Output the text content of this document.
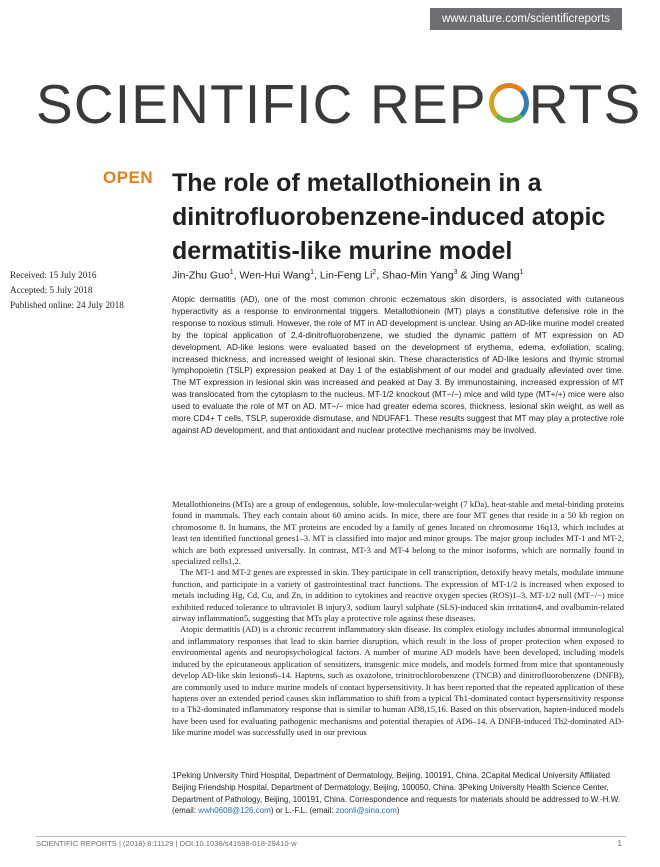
www.nature.com/scientificreports
SCIENTIFIC REP RTS
OPEN The role of metallothionein in a dinitrofluorobenzene-induced atopic dermatitis-like murine model
Jin-Zhu Guo$^1$, Wen-Hui Wang$^1$, Lin-Feng Li$^2$, Shao-Min Yang$^3$ & Jing Wang$^1$
Received: 15 July 2016
Accepted: 5 July 2018
Published online: 24 July 2018

Atopic dermatitis (AD), one of the most common chronic eczematous skin disorders, is associated with cutaneous hyperactivity as a response to environmental triggers. Metallothionein (MT) plays a constitutive defensive role in the response to noxious stimuli. However, the role of MT in AD development is unclear. Using an AD-like murine model created by the topical application of 2,4-dinitrofluorobenzene, we studied the dynamic pattern of MT expression on AD development. AD-like lesions were evaluated based on the development of erythema, edema, exfoliation, scaling, increased thickness, and increased weight of lesional skin. These characteristics of AD-like lesions and thymic stromal lymphopoietin (TSLP) expression peaked at Day 1 of the establishment of our model and gradually alleviated over time. The MT expression in lesional skin was increased and peaked at Day 3. By immunostaining, increased expression of MT was translocated from the cytoplasm to the nucleus. MT-1/2 knockout (MT−/−) mice and wild type (MT+/+) mice were also used to evaluate the role of MT on AD. MT−/− mice had greater edema scores, thickness, lesional skin weight, as well as more CD4+ T cells, TSLP, superoxide dismutase, and NDUFAF1. These results suggest that MT may play a protective role against AD development, and that antioxidant and nuclear protective mechanisms may be involved.

Metallothioneins (MTs) are a group of endogenous, soluble, low-molecular-weight (7 kDa), heat-stable and metal-binding proteins found in mammals. They each contain about 60 amino acids. In mice, there are four MT genes that reside in a 50 kb region on chromosome 8. In humans, the MT proteins are encoded by a family of genes located on chromosome 16q13, which includes at least ten identified functional genes1–3. MT is classified into major and minor groups. The major group includes MT-1 and MT-2, which are both expressed universally. In contrast, MT-3 and MT-4 belong to the minor isoforms, which are normally found in specialized cells1,2.

The MT-1 and MT-2 genes are expressed in skin. They participate in cell transcription, detoxify heavy metals, modulate immune function, and participate in a variety of gastrointestinal tract functions. The expression of MT-1/2 is increased when exposed to metals including Hg, Cd, Cu, and Zn, in addition to cytokines and reactive oxygen species (ROS)1–3. MT-1/2 null (MT−/−) mice exhibited reduced tolerance to ultraviolet B injury3, sodium lauryl sulphate (SLS)-induced skin irritation4, and ovalbumin-related airway inflammation5, suggesting that MTs play a protective role against these diseases.

Atopic dermatitis (AD) is a chronic recurrent inflammatory skin disease. Its complex etiology includes abnormal immunological and inflammatory responses that lead to skin barrier disruption, which result in the loss of proper protection when exposed to environmental agents and neuropsychological factors. A number of murine AD models have been developed, including models induced by the epicutaneous application of sensitizers, transgenic mice models, and models formed from mice that spontaneously develop AD-like skin lesions6–14. Haptens, such as oxazolone, trinitrochlorobenzene (TNCB) and dinitrofluorobenzene (DNFB), are commonly used to induce murine models of contact hypersensitivity. It has been reported that the repeated application of these haptens over an extended period causes skin inflammation to shift from a typical Th1-dominated contact hypersensitivity response to a Th2-dominated inflammatory response that is similar to human AD8,15,16. Based on this observation, hapten-induced models have been used for evaluating pathogenic mechanisms and potential therapies of AD6–14. A DNFB-induced Th2-dominated AD-like murine model was successfully used in our previous

1Peking University Third Hospital, Department of Dermatology, Beijing, 100191, China. 2Capital Medical University Affiliated Beijing Friendship Hospital, Department of Dermatology, Beijing, 100050, China. 3Peking University Health Science Center, Department of Pathology, Beijing, 100191, China. Correspondence and requests for materials should be addressed to W.-H.W. (email: wwh0608@126.com) or L.-F.L. (email: zoonli@sina.com)

SCIENTIFIC REPORTS | (2018) 8:11129 | DOI:10.1038/s41598-018-29410-w	1
